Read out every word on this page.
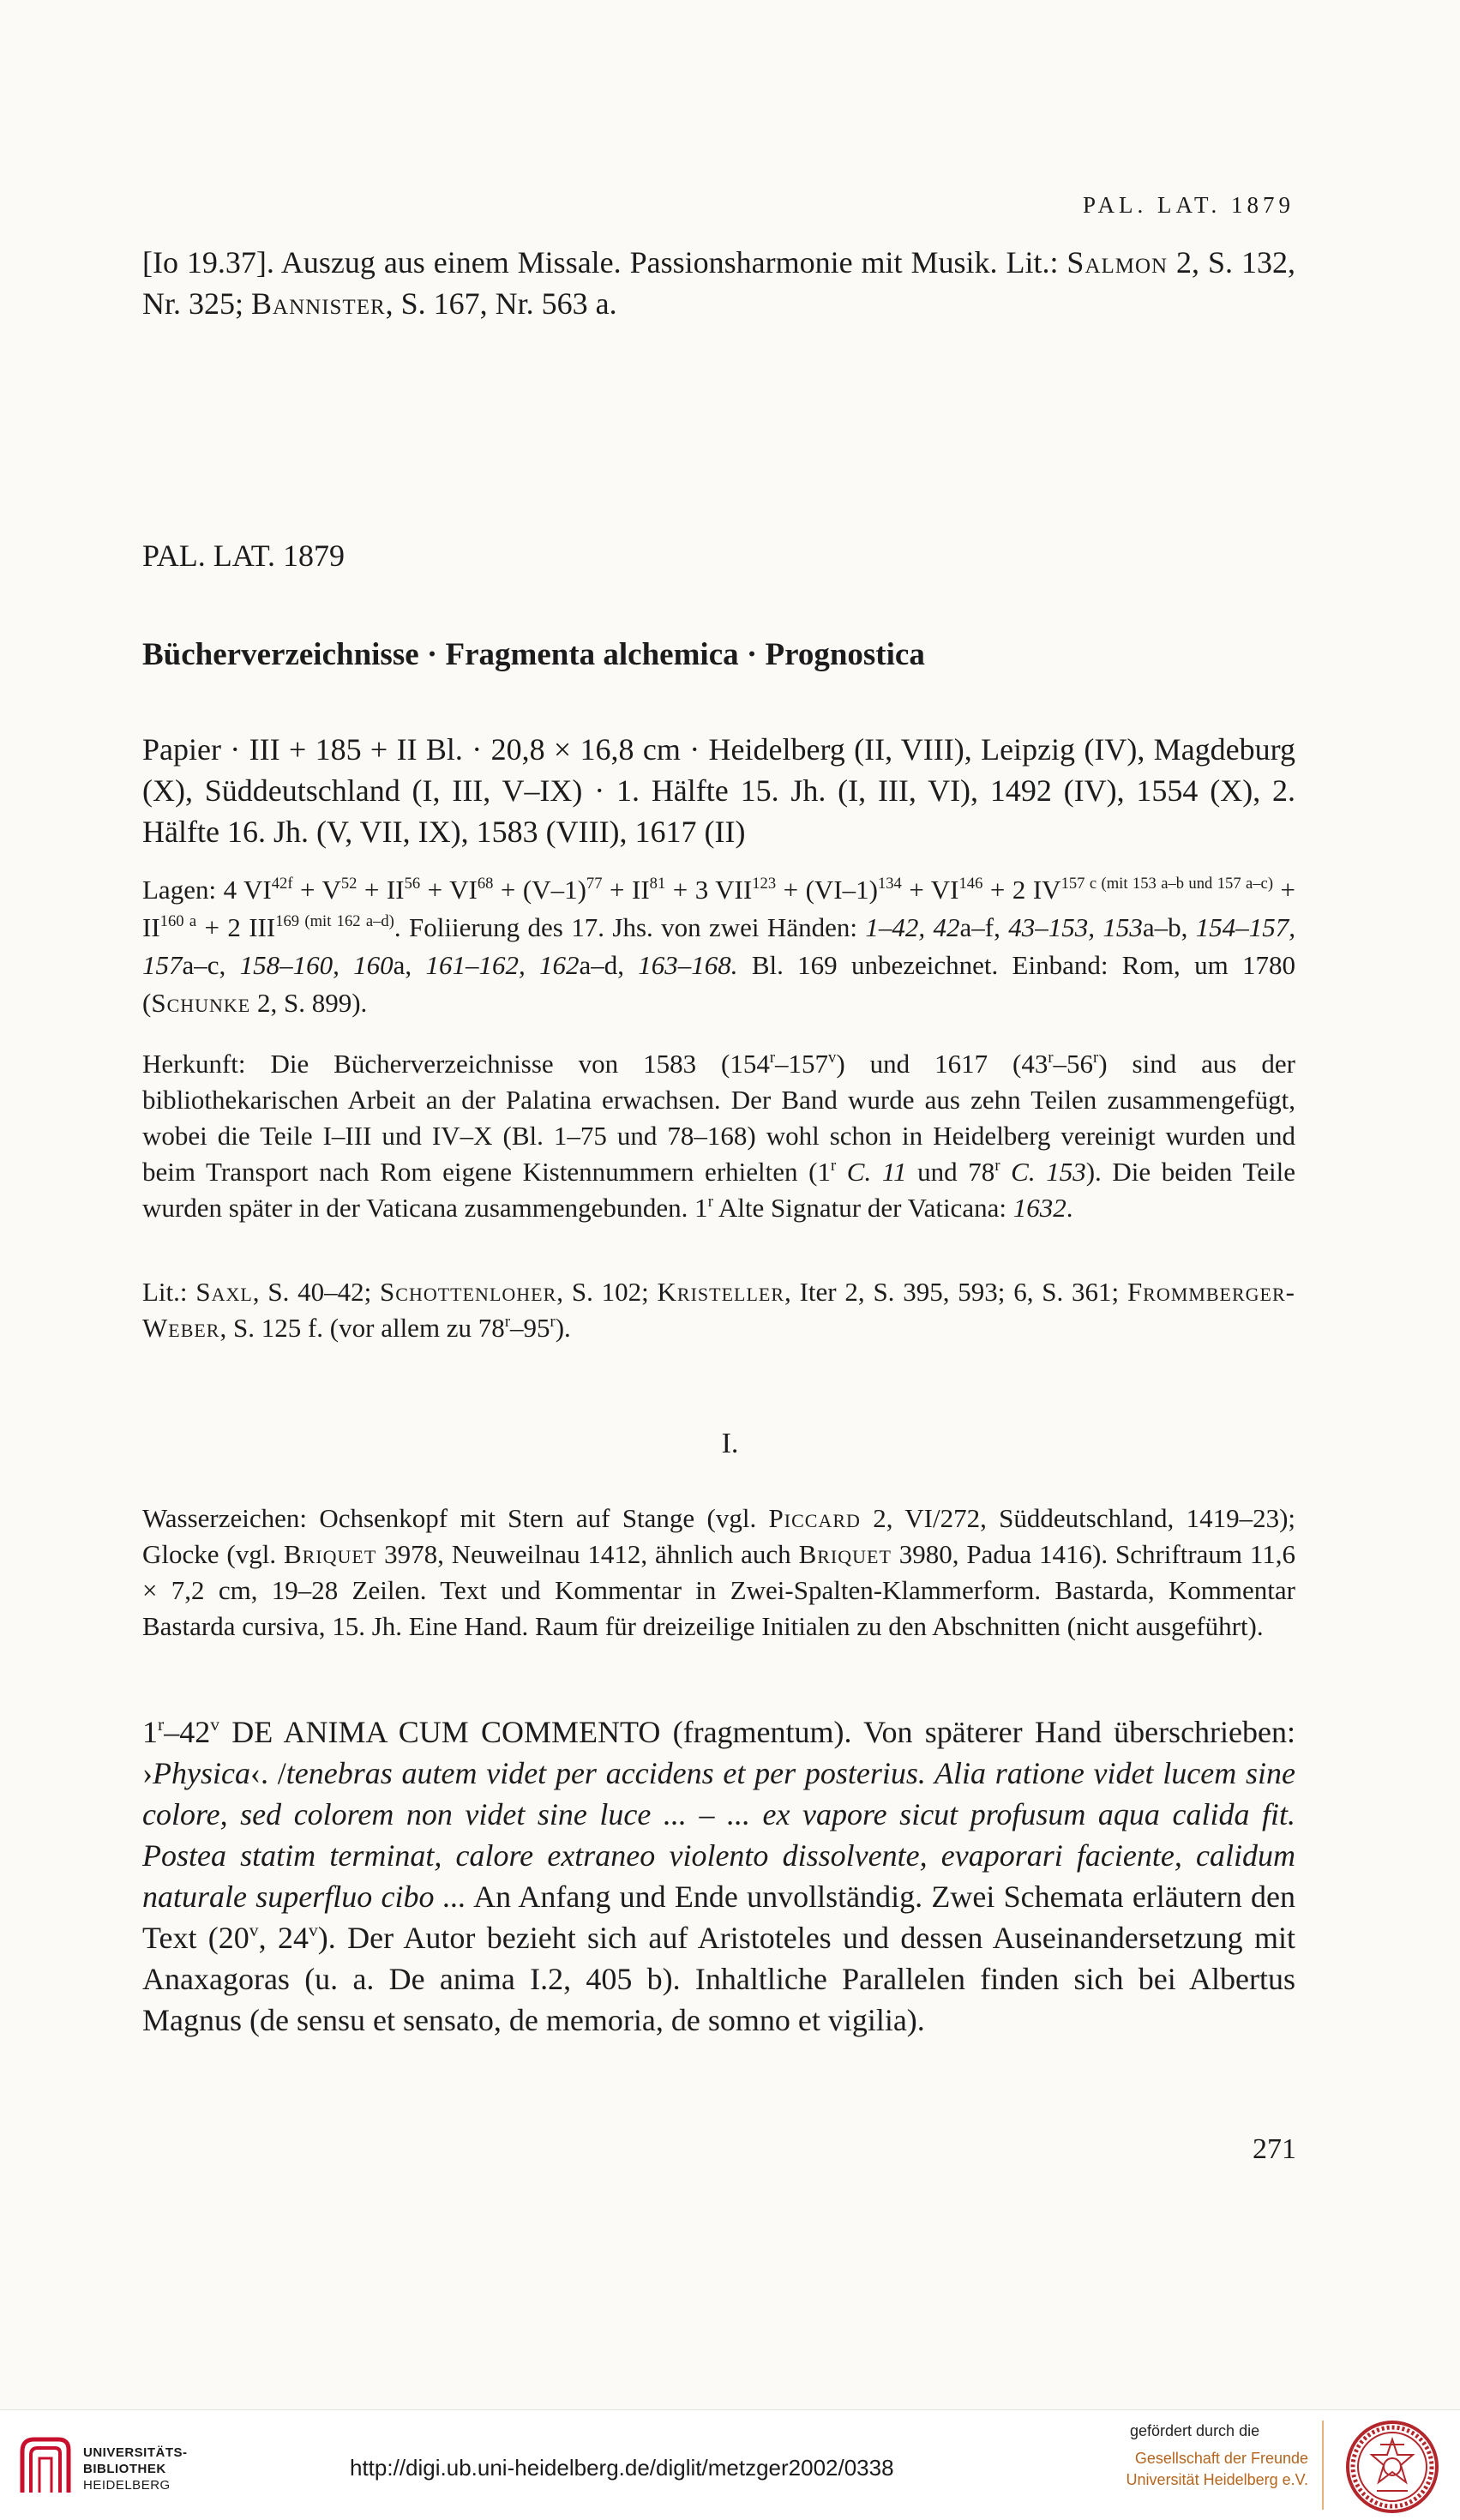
PAL. LAT. 1879

[Io 19.37]. Auszug aus einem Missale. Passionsharmonie mit Musik. Lit.: Salmon 2, S. 132, Nr. 325; Bannister, S. 167, Nr. 563 a.

PAL. LAT. 1879
Bücherverzeichnisse · Fragmenta alchemica · Prognostica

Papier · III + 185 + II Bl. · 20,8 × 16,8 cm · Heidelberg (II, VIII), Leipzig (IV), Magdeburg (X), Süddeutschland (I, III, V–IX) · 1. Hälfte 15. Jh. (I, III, VI), 1492 (IV), 1554 (X), 2. Hälfte 16. Jh. (V, VII, IX), 1583 (VIII), 1617 (II)

Lagen: 4 $VI^{42f} + V^{52} + II^{56} + VI^{68} + (V-1)^{77} + II^{81} + 3$ $VII^{123} + (VI-1)^{134} + VI^{146} + 2$ $IV^{157 c (mit 153 a-b und 157 a-c)} + II^{160 a} + 2$ $III^{169 (mit 162 a-d)}$. Foliierung des 17. Jhs. von zwei Händen: 1–42, 42a–f, 43–153, 153a–b, 154–157, 157a–c, 158–160, 160a, 161–162, 162a–d, 163–168. Bl. 169 unbezeichnet. Einband: Rom, um 1780 (Schunke 2, S. 899).

Herkunft: Die Bücherverzeichnisse von 1583 (154$^r$–157$^v$) und 1617 (43$^r$–56$^r$) sind aus der bibliothekarischen Arbeit an der Palatina erwachsen. Der Band wurde aus zehn Teilen zusammengefügt, wobei die Teile I–III und IV–X (Bl. 1–75 und 78–168) wohl schon in Heidelberg vereinigt wurden und beim Transport nach Rom eigene Kistennummern erhielten (1$^r$ C. 11 und 78$^r$ C. 153). Die beiden Teile wurden später in der Vaticana zusammengebunden. 1$^r$ Alte Signatur der Vaticana: 1632.

Lit.: Saxl, S. 40–42; Schottenloher, S. 102; Kristeller, Iter 2, S. 395, 593; 6, S. 361; Frommberger-Weber, S. 125 f. (vor allem zu 78$^r$–95$^r$).

I.

Wasserzeichen: Ochsenkopf mit Stern auf Stange (vgl. Piccard 2, VI/272, Süddeutschland, 1419–23); Glocke (vgl. Briquet 3978, Neuweilnau 1412, ähnlich auch Briquet 3980, Padua 1416). Schriftraum 11,6 × 7,2 cm, 19–28 Zeilen. Text und Kommentar in Zwei-Spalten-Klammerform. Bastarda, Kommentar Bastarda cursiva, 15. Jh. Eine Hand. Raum für dreizeilige Initialen zu den Abschnitten (nicht ausgeführt).

1$^r$–42$^v$ DE ANIMA CUM COMMENTO (fragmentum). Von späterer Hand überschrieben: ›Physica‹. /tenebras autem videt per accidens et per posterius. Alia ratione videt lucem sine colore, sed colorem non videt sine luce ... – ... ex vapore sicut profusum aqua calida fit. Postea statim terminat, calore extraneo violento dissolvente, evaporari faciente, calidum naturale superfluo cibo ... An Anfang und Ende unvollständig. Zwei Schemata erläutern den Text (20$^v$, 24$^v$). Der Autor bezieht sich auf Aristoteles und dessen Auseinandersetzung mit Anaxagoras (u. a. De anima I.2, 405 b). Inhaltliche Parallelen finden sich bei Albertus Magnus (de sensu et sensato, de memoria, de somno et vigilia).

271
UNIVERSITÄTS-
BIBLIOTHEK
HEIDELBERG
http://digi.ub.uni-heidelberg.de/diglit/metzger2002/0338
gefördert durch die
Gesellschaft der Freunde
Universität Heidelberg e.V.
